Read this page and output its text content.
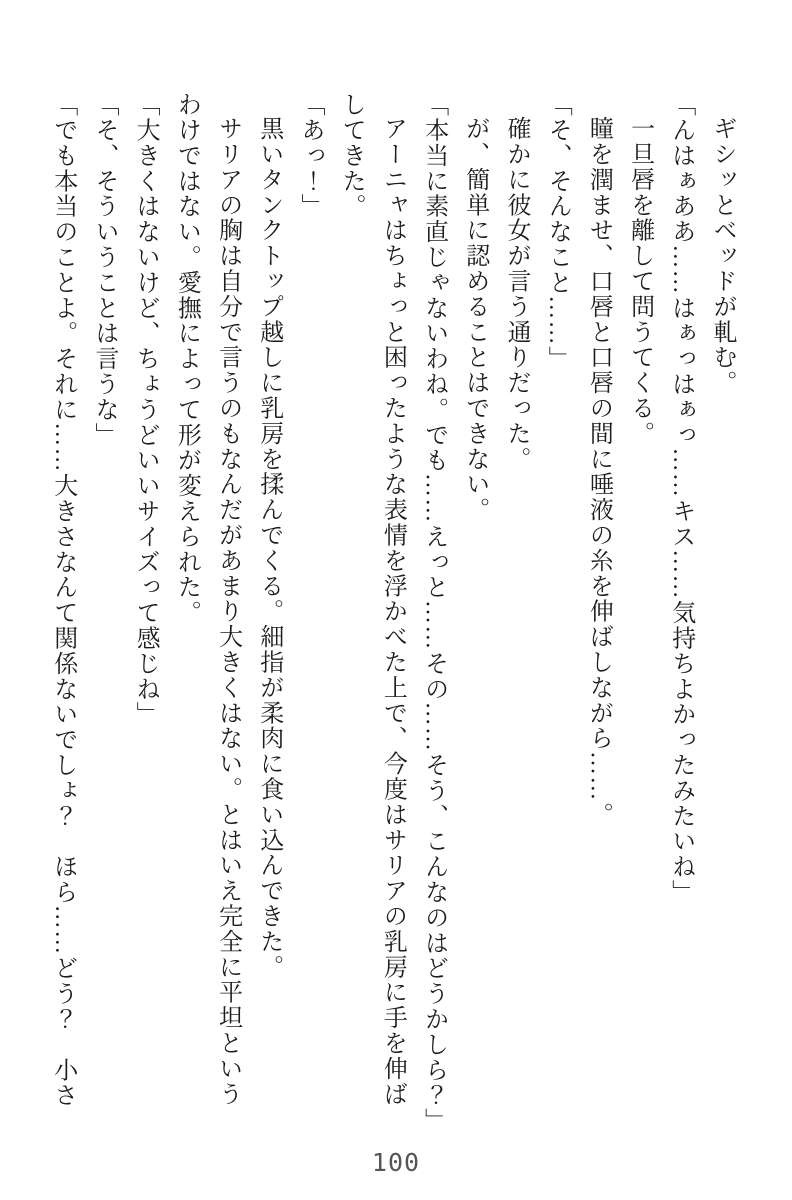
ギシッとベッドが軋む。

「んはぁああ……はぁっはぁっ……キス……気持ちよかったみたいね」

一旦唇を離して問うてくる。

瞳を潤ませ、口唇と口唇の間に唾液の糸を伸ばしながら……。

「そ、そんなこと……」

確かに彼女が言う通りだった。

が、簡単に認めることはできない。

「本当に素直じゃないわね。でも……えっと……その……そう、こんなのはどうかしら？」

アーニャはちょっと困ったような表情を浮かべた上で、今度はサリアの乳房に手を伸ばしてきた。

「あっ！」

黒いタンクトップ越しに乳房を揉んでくる。細指が柔肉に食い込んできた。

サリアの胸は自分で言うのもなんだがあまり大きくはない。とはいえ完全に平坦というわけではない。愛撫によって形が変えられた。

「大きくはないけど、ちょうどいいサイズって感じね」

「そ、そういうことは言うな」

「でも本当のことよ。それに……大きさなんて関係ないでしょ？　ほら……どう？　小さ

100
